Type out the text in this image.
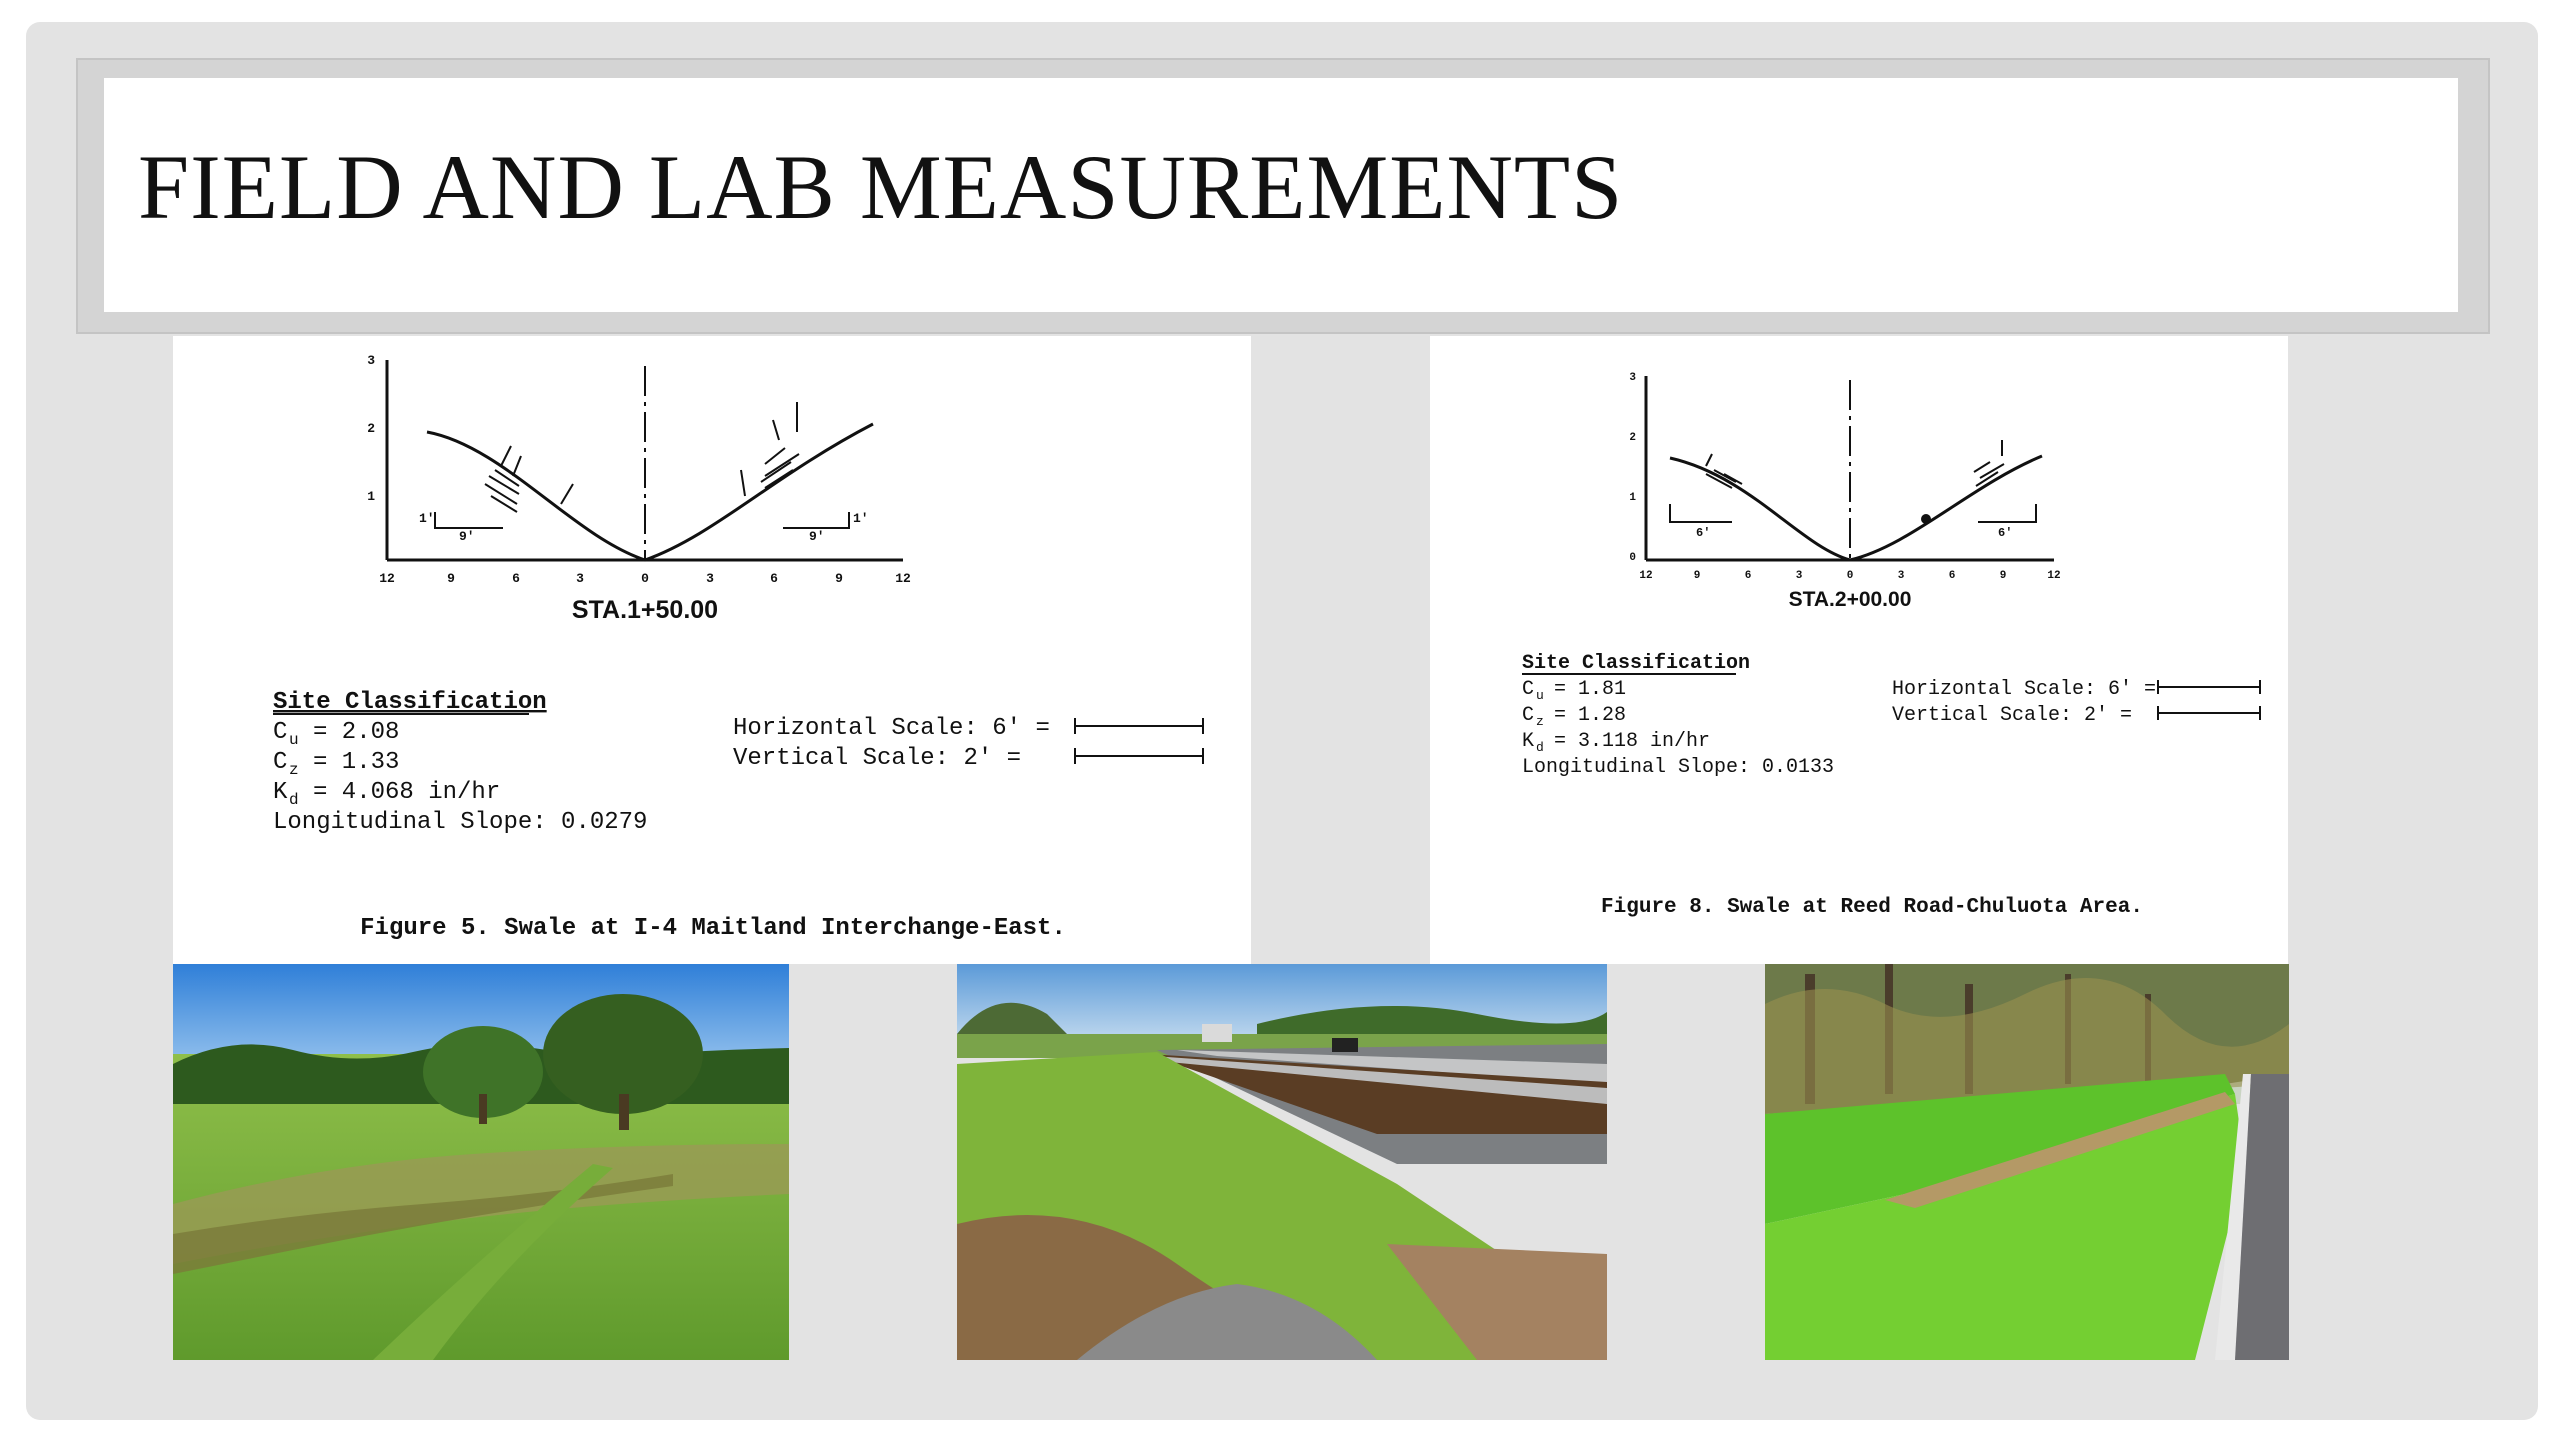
FIELD AND LAB MEASUREMENTS
3
2
1
12	9	6	3	0	3	6	9	12
1'	1'
9'	9'
STA.1+50.00
Site Classification
C u = 2.08
C z = 1.33
K d = 4.068 in/hr
Longitudinal Slope: 0.0279
Horizontal Scale: 6' =
Vertical Scale: 2' =
Figure 5. Swale at I-4 Maitland Interchange-East.
3
2
1
0
12	9	6	3	0	3	6	9	12
6'	6'
STA.2+00.00
Site Classification
C u = 1.81
C z = 1.28
K d = 3.118 in/hr
Longitudinal Slope: 0.0133
Horizontal Scale: 6' =
Vertical Scale: 2' =
Figure 8. Swale at Reed Road-Chuluota Area.
